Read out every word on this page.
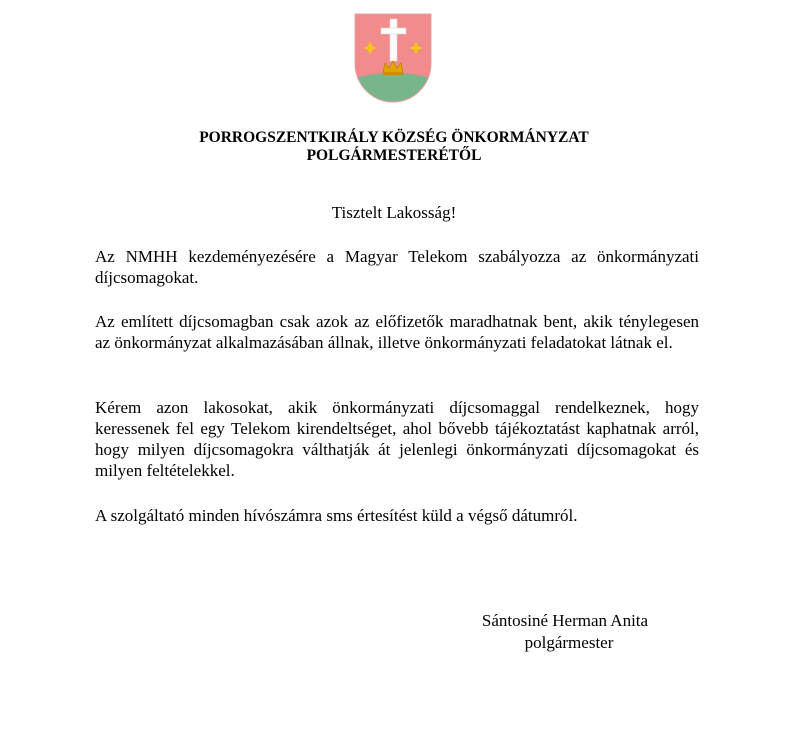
PORROGSZENTKIRÁLY KÖZSÉG ÖNKORMÁNYZAT
POLGÁRMESTERÉTŐL
Tisztelt Lakosság!

Az NMHH kezdeményezésére a Magyar Telekom szabályozza az önkormányzati díjcsomagokat.

Az említett díjcsomagban csak azok az előfizetők maradhatnak bent, akik ténylegesen az önkormányzat alkalmazásában állnak, illetve önkormányzati feladatokat látnak el.

Kérem azon lakosokat, akik önkormányzati díjcsomaggal rendelkeznek, hogy keressenek fel egy Telekom kirendeltséget, ahol bővebb tájékoztatást kaphatnak arról, hogy milyen díjcsomagokra válthatják át jelenlegi önkormányzati díjcsomagokat és milyen feltételekkel.

A szolgáltató minden hívószámra sms értesítést küld a végső dátumról.

Sántosiné Herman Anita
polgármester
